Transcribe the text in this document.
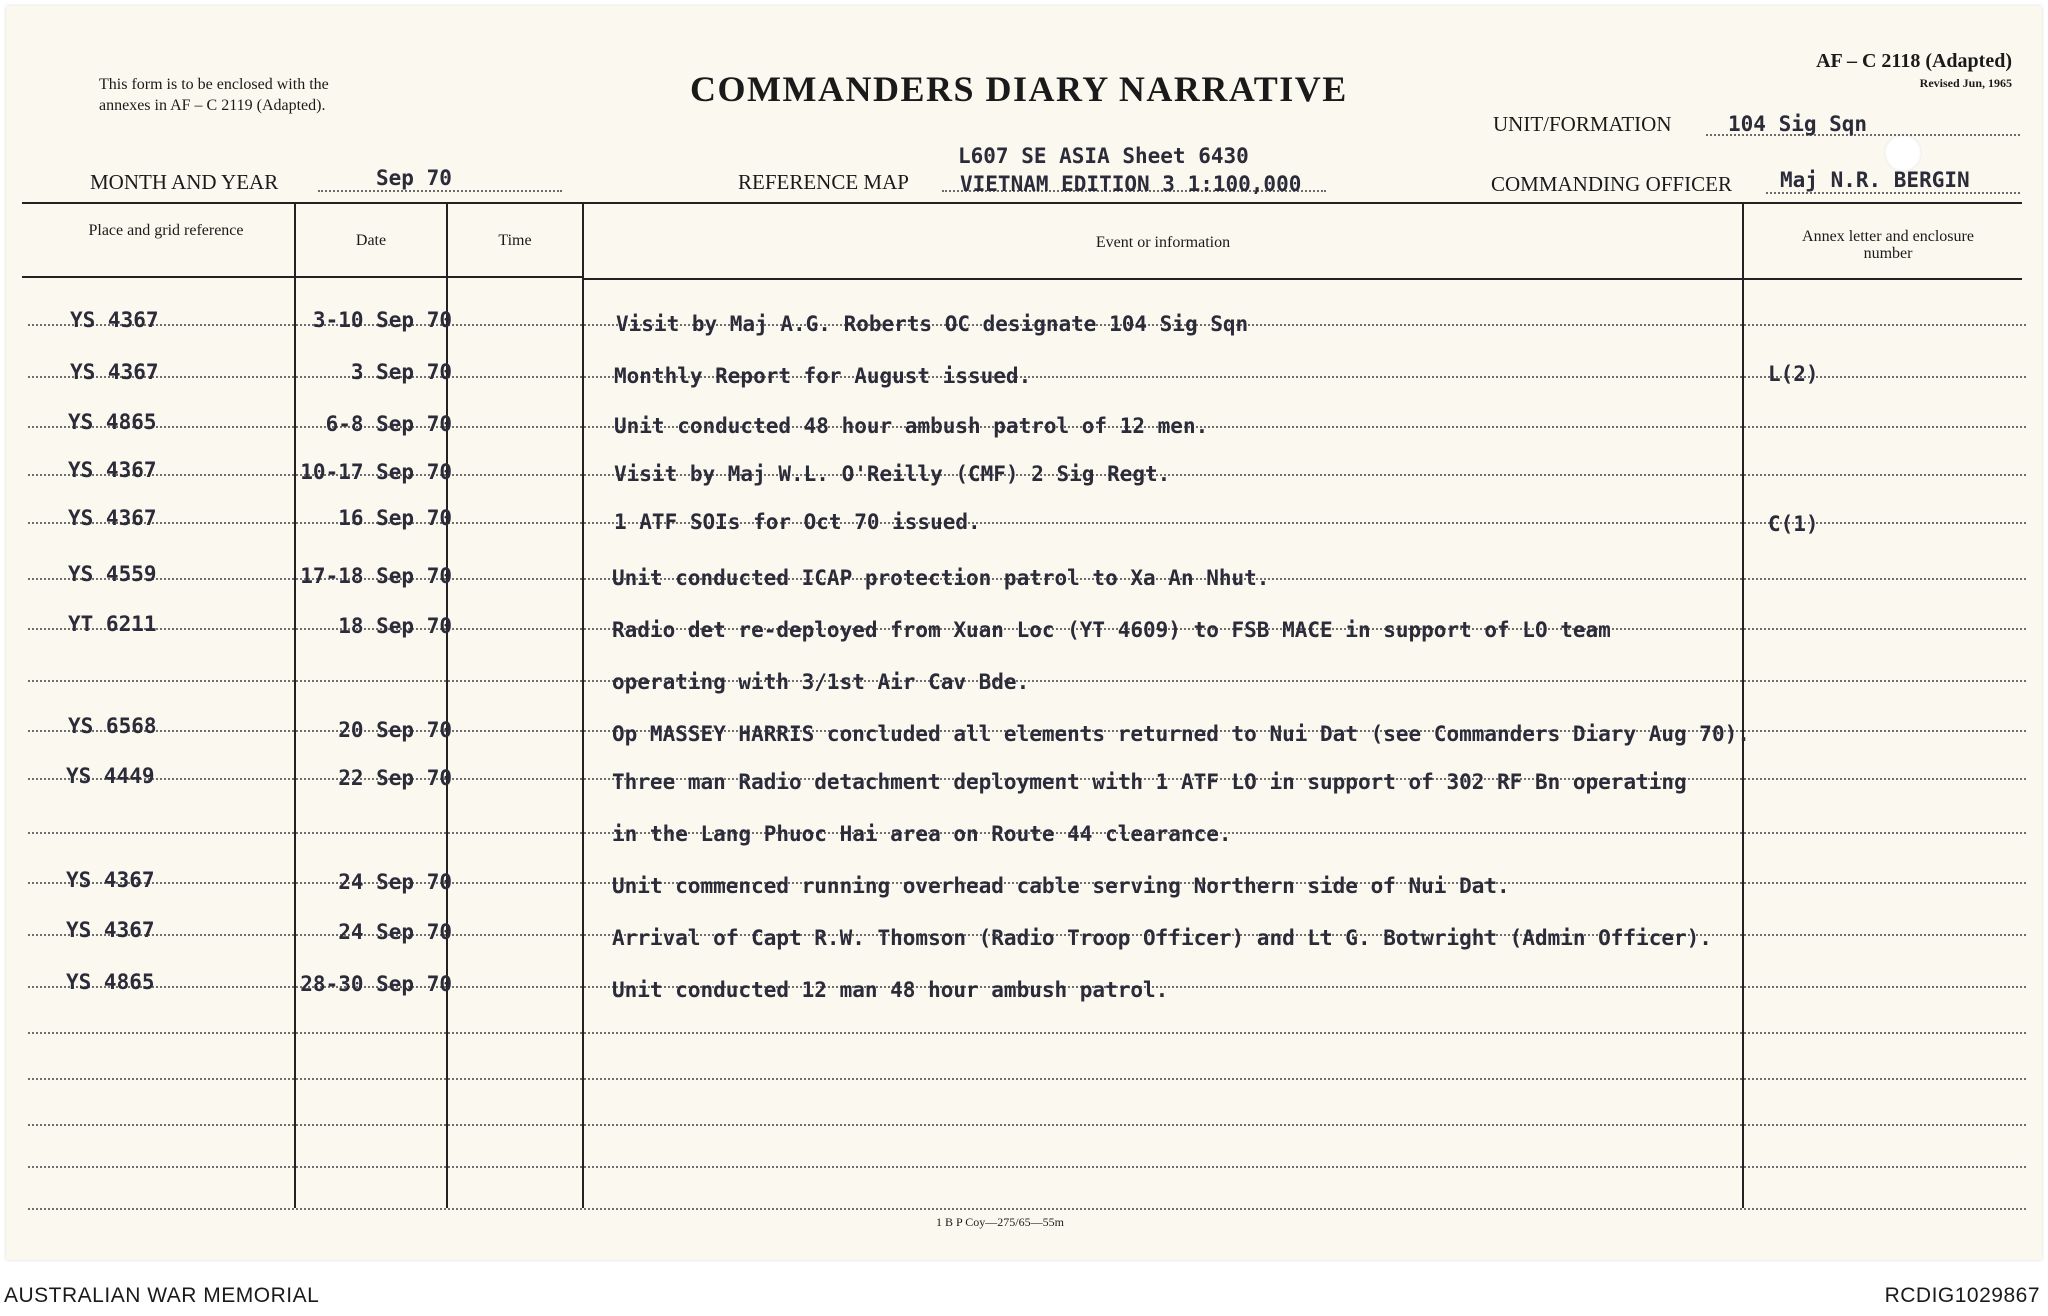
This form is to be enclosed with the
annexes in AF – C 2119 (Adapted).	COMMANDERS DIARY NARRATIVE
AF – C 2118 (Adapted)
Revised Jun, 1965
UNIT/FORMATION	104 Sig Sqn
MONTH AND YEAR	Sep 70
L607 SE ASIA Sheet 6430
REFERENCE MAP VIETNAM EDITION 3 1:100,000	COMMANDING OFFICER Maj N.R. BERGIN
Place and grid reference
Date	Time	Event or information	Annex letter and enclosure number
YS 4367	3-10 Sep 70	Visit by Maj A.G. Roberts OC designate 104 Sig Sqn
YS 4367	3 Sep 70	Monthly Report for August issued.	L(2)
YS 4865	6-8 Sep 70	Unit conducted 48 hour ambush patrol of 12 men.
YS 4367	10-17 Sep 70	Visit by Maj W.L. O'Reilly (CMF) 2 Sig Regt.
YS 4367	16 Sep 70	1 ATF SOIs for Oct 70 issued.	C(1)
YS 4559	17-18 Sep 70	Unit conducted ICAP protection patrol to Xa An Nhut.
YT 6211	18 Sep 70	Radio det re-deployed from Xuan Loc (YT 4609) to FSB MACE in support of LO team
operating with 3/1st Air Cav Bde.
YS 6568	20 Sep 70	Op MASSEY HARRIS concluded all elements returned to Nui Dat (see Commanders Diary Aug 70).
YS 4449	22 Sep 70	Three man Radio detachment deployment with 1 ATF LO in support of 302 RF Bn operating
in the Lang Phuoc Hai area on Route 44 clearance.
YS 4367	24 Sep 70	Unit commenced running overhead cable serving Northern side of Nui Dat.
YS 4367	24 Sep 70	Arrival of Capt R.W. Thomson (Radio Troop Officer) and Lt G. Botwright (Admin Officer).
YS 4865	28-30 Sep 70	Unit conducted 12 man 48 hour ambush patrol.
1 B P Coy—275/65—55m
AUSTRALIAN WAR MEMORIAL	RCDIG1029867
